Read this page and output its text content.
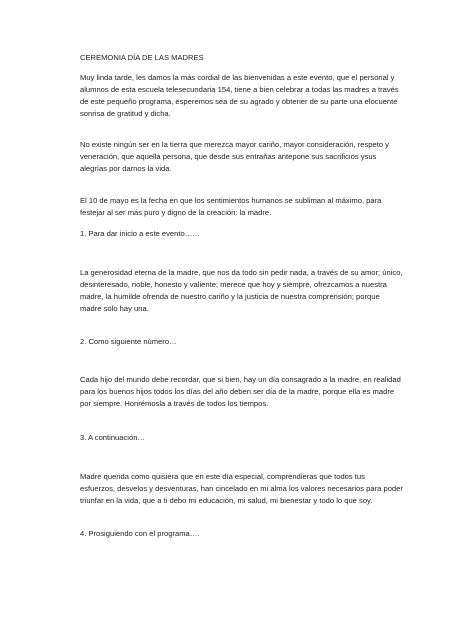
CEREMONIA DÍA DE LAS MADRES

Muy linda tarde, les damos la más cordial de las bienvenidas a este evento, que el personal y

alumnos de esta escuela telesecundaria 154, tiene a bien celebrar a todas las madres a través

de este pequeño programa, esperemos sea de su agrado y obtener de su parte una elocuente

sonrisa de gratitud y dicha.

No existe ningún ser en la tierra que merezca mayor cariño, mayor consideración, respeto y

veneración, que aquella persona, que desde sus entrañas antepone sus sacrificios ysus

alegrías por darnos la vida.

El 10 de mayo es la fecha en que los sentimientos humanos se subliman al máximo, para

festejar al ser más puro y digno de la creación: la madre.

1. Para dar inicio a este evento……

La generosidad eterna de la madre, que nos da todo sin pedir nada, a través de su amor; único,

desinteresado, noble, honesto y valiente; merece que hoy y siempre, ofrezcamos a nuestra

madre, la humilde ofrenda de nuestro cariño y la justicia de nuestra comprensión; porque

madre solo hay una.

2. Como siguiente número…

Cada hijo del mundo debe recordar, que si bien, hay un día consagrado a la madre, en realidad

para los buenos hijos todos los días del año deben ser día de la madre, porque ella es madre

por siempre. Honrémosla a través de todos los tiempos.

3. A continuación…

Madre querida como quisiera que en este día especial, comprendieras que todos tus

esfuerzos, desvelos y desventuras, han cincelado en mi alma los valores necesarios para poder

triunfar en la vida, que a ti debo mi educación, mi salud, mi bienestar y todo lo que soy.

4. Prosiguiendo con el programa….
